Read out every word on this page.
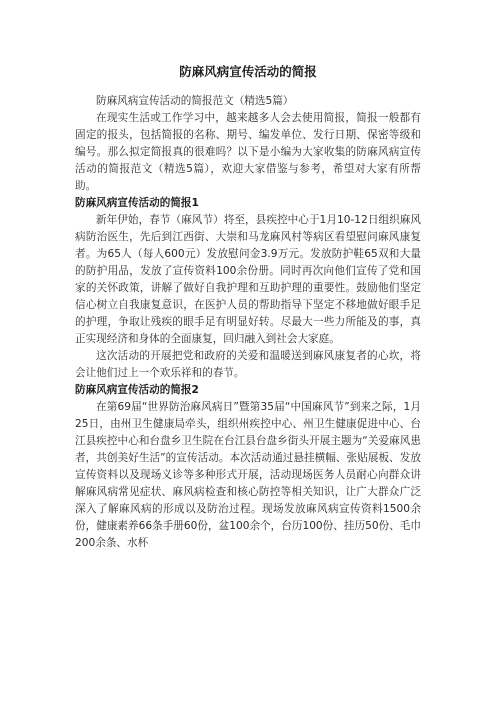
防麻风病宣传活动的简报

防麻风病宣传活动的简报范文（精选5篇）

在现实生活或工作学习中，越来越多人会去使用简报，简报一般都有固定的报头，包括简报的名称、期号、编发单位、发行日期、保密等级和编号。那么拟定简报真的很难吗？以下是小编为大家收集的防麻风病宣传活动的简报范文（精选5篇），欢迎大家借鉴与参考，希望对大家有所帮助。

防麻风病宣传活动的简报1

新年伊始，春节（麻风节）将至，县疾控中心于1月10-12日组织麻风病防治医生，先后到江西街、大崇和马龙麻风村等病区看望慰问麻风康复者。为65人（每人600元）发放慰问金3.9万元。发放防护鞋65双和大量的防护用品，发放了宣传资料100余份册。同时再次向他们宣传了党和国家的关怀政策，讲解了做好自我护理和互助护理的重要性。鼓励他们坚定信心树立自我康复意识，在医护人员的帮助指导下坚定不移地做好眼手足的护理，争取让残疾的眼手足有明显好转。尽最大一些力所能及的事，真正实现经济和身体的全面康复，回归融入到社会大家庭。

这次活动的开展把党和政府的关爱和温暖送到麻风康复者的心坎，将会让他们过上一个欢乐祥和的春节。

防麻风病宣传活动的简报2

在第69届“世界防治麻风病日”暨第35届“中国麻风节”到来之际，1月25日，由州卫生健康局牵头，组织州疾控中心、州卫生健康促进中心、台江县疾控中心和台盘乡卫生院在台江县台盘乡街头开展主题为“关爱麻风患者，共创美好生活”的宣传活动。本次活动通过悬挂横幅、张贴展板、发放宣传资料以及现场义诊等多种形式开展，活动现场医务人员耐心向群众讲解麻风病常见症状、麻风病检查和核心防控等相关知识，让广大群众广泛深入了解麻风病的形成以及防治过程。现场发放麻风病宣传资料1500余份，健康素养66条手册60份，盆100余个，台历100份、挂历50份、毛巾200余条、水杯
